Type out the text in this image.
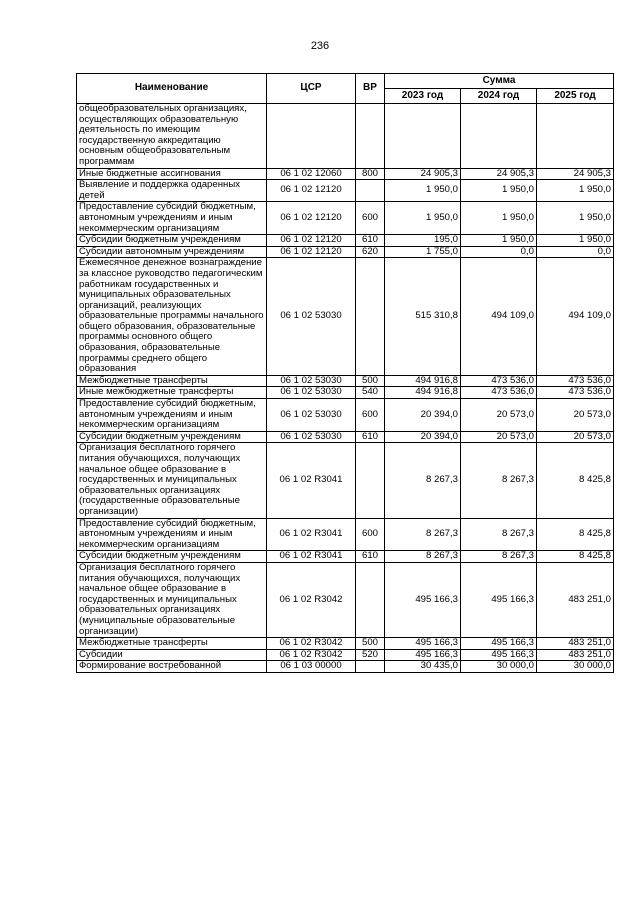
236
Наименование	ЦСР	ВР	Сумма		
			2023 год	2024 год	2025 год
общеобразовательных организациях, осуществляющих образовательную деятельность по имеющим государственную аккредитацию основным общеобразовательным программам					
Иные бюджетные ассигнования	06 1 02 12060	800	24 905,3	24 905,3	24 905,3
Выявление и поддержка одаренных детей	06 1 02 12120		1 950,0	1 950,0	1 950,0
Предоставление субсидий бюджетным, автономным учреждениям и иным некоммерческим организациям	06 1 02 12120	600	1 950,0	1 950,0	1 950,0
Субсидии бюджетным учреждениям	06 1 02 12120	610	195,0	1 950,0	1 950,0
Субсидии автономным учреждениям	06 1 02 12120	620	1 755,0	0,0	0,0
Ежемесячное денежное вознаграждение за классное руководство педагогическим работникам государственных и муниципальных образовательных организаций, реализующих образовательные программы начального общего образования, образовательные программы основного общего образования, образовательные программы среднего общего образования	06 1 02 53030		515 310,8	494 109,0	494 109,0
Межбюджетные трансферты	06 1 02 53030	500	494 916,8	473 536,0	473 536,0
Иные межбюджетные трансферты	06 1 02 53030	540	494 916,8	473 536,0	473 536,0
Предоставление субсидий бюджетным, автономным учреждениям и иным некоммерческим организациям	06 1 02 53030	600	20 394,0	20 573,0	20 573,0
Субсидии бюджетным учреждениям	06 1 02 53030	610	20 394,0	20 573,0	20 573,0
Организация бесплатного горячего питания обучающихся, получающих начальное общее образование в государственных и муниципальных образовательных организациях (государственные образовательные организации)	06 1 02 R3041		8 267,3	8 267,3	8 425,8
Предоставление субсидий бюджетным, автономным учреждениям и иным некоммерческим организациям	06 1 02 R3041	600	8 267,3	8 267,3	8 425,8
Субсидии бюджетным учреждениям	06 1 02 R3041	610	8 267,3	8 267,3	8 425,8
Организация бесплатного горячего питания обучающихся, получающих начальное общее образование в государственных и муниципальных образовательных организациях (муниципальные образовательные организации)	06 1 02 R3042		495 166,3	495 166,3	483 251,0
Межбюджетные трансферты	06 1 02 R3042	500	495 166,3	495 166,3	483 251,0
Субсидии	06 1 02 R3042	520	495 166,3	495 166,3	483 251,0
Формирование востребованной	06 1 03 00000		30 435,0	30 000,0	30 000,0
